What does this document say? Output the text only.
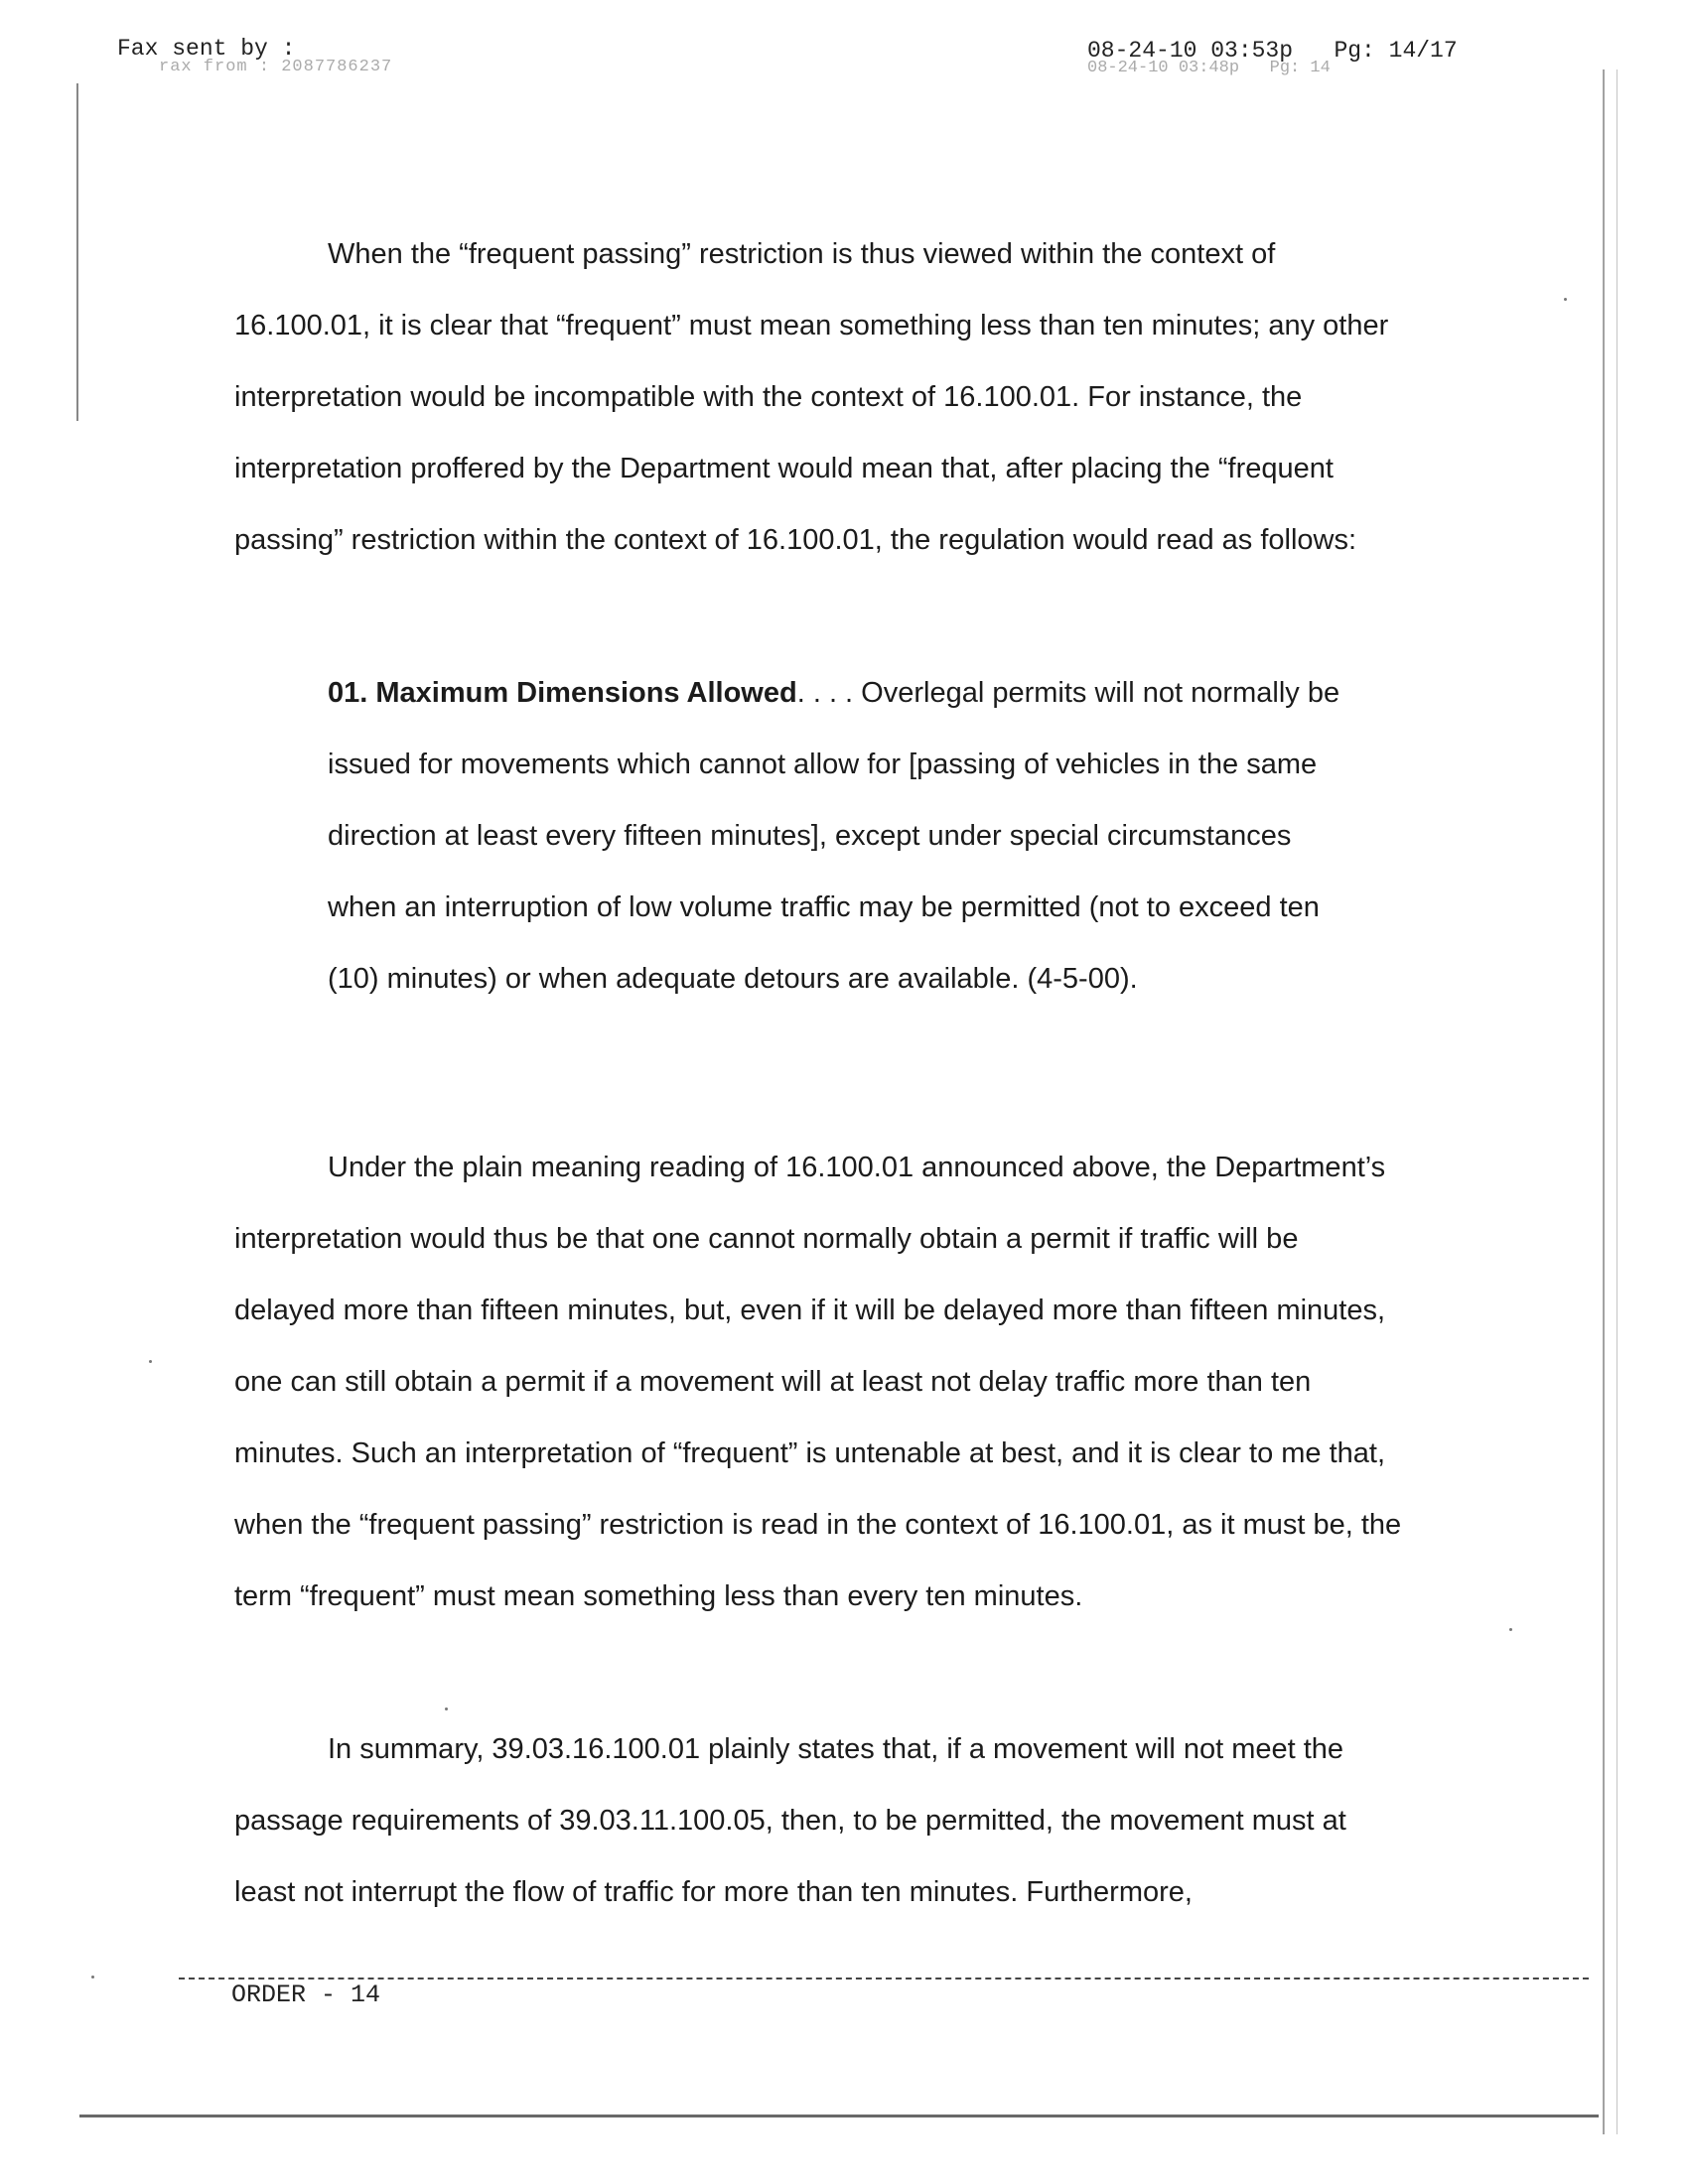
Fax sent by :
rax from : 2087786237
08-24-10 03:53p   Pg: 14/17
08-24-10 03:48p   Pg: 14

When the “frequent passing” restriction is thus viewed within the context of 16.100.01, it is clear that “frequent” must mean something less than ten minutes; any other interpretation would be incompatible with the context of 16.100.01. For instance, the interpretation proffered by the Department would mean that, after placing the “frequent passing” restriction within the context of 16.100.01, the regulation would read as follows:

01. Maximum Dimensions Allowed. . . . Overlegal permits will not normally be issued for movements which cannot allow for [passing of vehicles in the same direction at least every fifteen minutes], except under special circumstances when an interruption of low volume traffic may be permitted (not to exceed ten (10) minutes) or when adequate detours are available. (4-5-00).

Under the plain meaning reading of 16.100.01 announced above, the Department’s interpretation would thus be that one cannot normally obtain a permit if traffic will be delayed more than fifteen minutes, but, even if it will be delayed more than fifteen minutes, one can still obtain a permit if a movement will at least not delay traffic more than ten minutes. Such an interpretation of “frequent” is untenable at best, and it is clear to me that, when the “frequent passing” restriction is read in the context of 16.100.01, as it must be, the term “frequent” must mean something less than every ten minutes.

In summary, 39.03.16.100.01 plainly states that, if a movement will not meet the passage requirements of 39.03.11.100.05, then, to be permitted, the movement must at least not interrupt the flow of traffic for more than ten minutes. Furthermore,

ORDER - 14
